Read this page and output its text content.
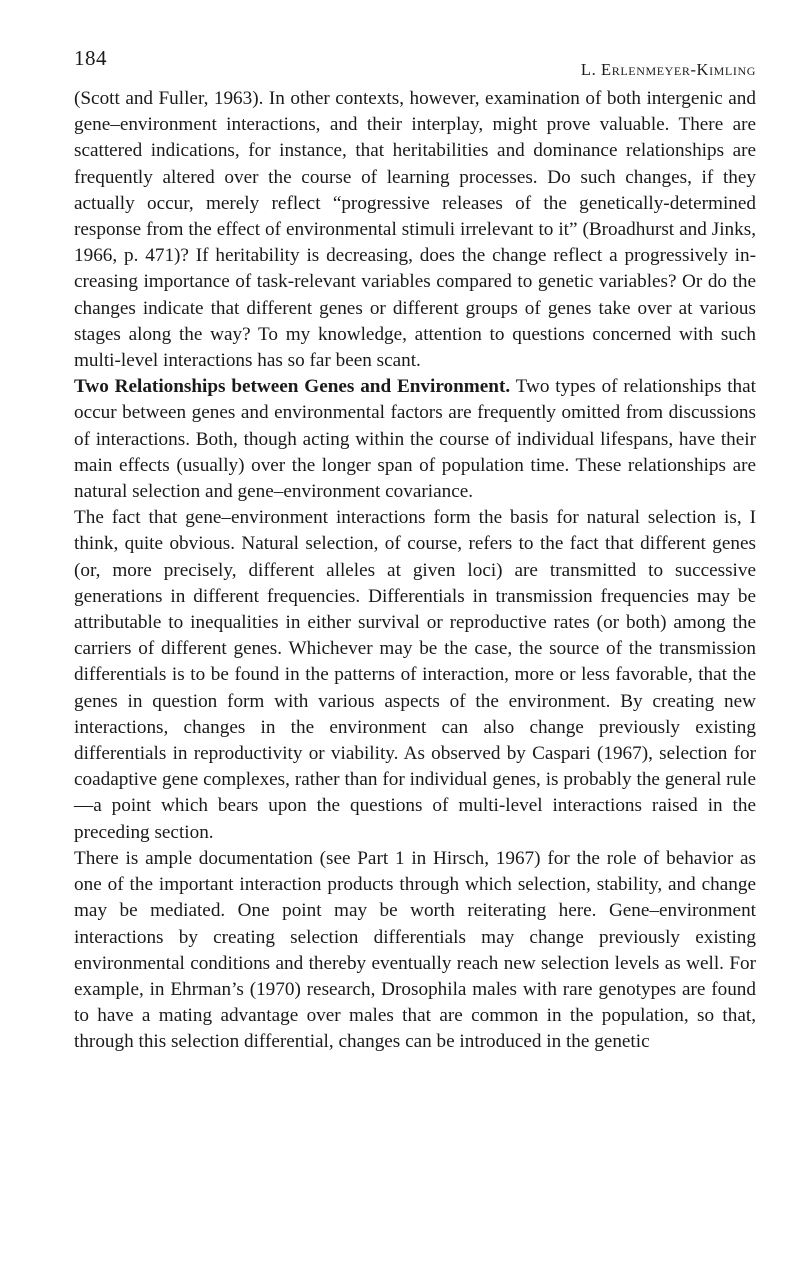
184	L. Erlenmeyer-Kimling

(Scott and Fuller, 1963). In other contexts, however, examination of both intergenic and gene–environment interactions, and their interplay, might prove valuable. There are scattered indications, for instance, that heritabilities and dominance relationships are frequently altered over the course of learning processes. Do such changes, if they actually occur, merely reflect “progressive releases of the genetically-determined response from the effect of environmental stimuli irrelevant to it” (Broadhurst and Jinks, 1966, p. 471)? If heritability is decreasing, does the change reflect a progressively increasing importance of task-relevant variables compared to genetic variables? Or do the changes indicate that different genes or different groups of genes take over at various stages along the way? To my knowledge, attention to questions concerned with such multi-level interactions has so far been scant.

Two Relationships between Genes and Environment. Two types of relationships that occur between genes and environmental factors are frequently omitted from discussions of interactions. Both, though acting within the course of individual lifespans, have their main effects (usually) over the longer span of population time. These relationships are natural selection and gene–environment covariance.

The fact that gene–environment interactions form the basis for natural selection is, I think, quite obvious. Natural selection, of course, refers to the fact that different genes (or, more precisely, different alleles at given loci) are transmitted to successive generations in different frequencies. Differentials in transmission frequencies may be attributable to inequalities in either survival or reproductive rates (or both) among the carriers of different genes. Whichever may be the case, the source of the transmission differentials is to be found in the patterns of interaction, more or less favorable, that the genes in question form with various aspects of the environment. By creating new interactions, changes in the environment can also change previously existing differentials in reproductivity or viability. As observed by Caspari (1967), selection for coadaptive gene complexes, rather than for individual genes, is probably the general rule—a point which bears upon the questions of multi-level interactions raised in the preceding section.

There is ample documentation (see Part 1 in Hirsch, 1967) for the role of behavior as one of the important interaction products through which selection, stability, and change may be mediated. One point may be worth reiterating here. Gene–environment interactions by creating selection differentials may change previously existing environmental conditions and thereby eventually reach new selection levels as well. For example, in Ehrman’s (1970) research, Drosophila males with rare genotypes are found to have a mating advantage over males that are common in the population, so that, through this selection differential, changes can be introduced in the genetic
